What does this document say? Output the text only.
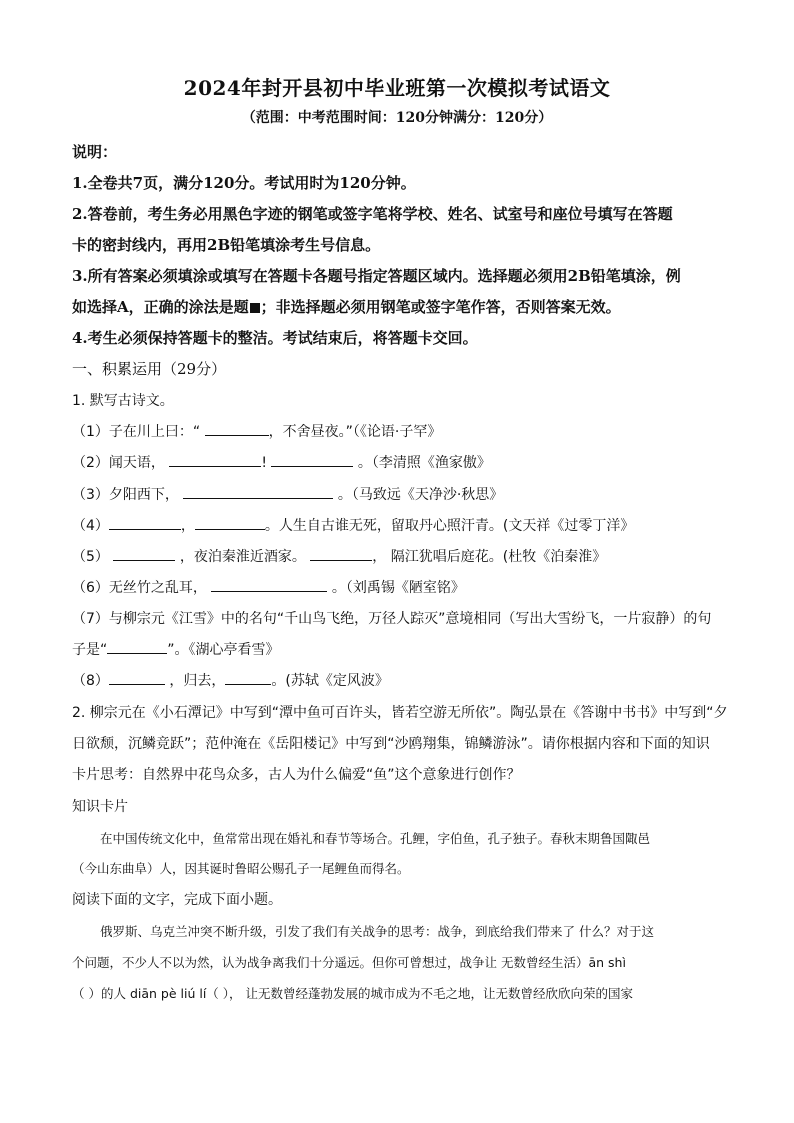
2024年封开县初中毕业班第一次模拟考试语文
（范围：中考范围时间：120分钟满分：120分）
说明：
1.全卷共7页，满分120分。考试用时为120分钟。
2.答卷前，考生务必用黑色字迹的钢笔或签字笔将学校、姓名、试室号和座位号填写在答题
卡的密封线内，再用2B铅笔填涂考生号信息。
3.所有答案必须填涂或填写在答题卡各题号指定答题区域内。选择题必须用2B铅笔填涂，例
如选择A，正确的涂法是题 ；非选择题必须用钢笔或签字笔作答，否则答案无效。
4.考生必须保持答题卡的整洁。考试结束后，将答题卡交回。
一、积累运用（29分）
1. 默写古诗文。
（1）子在川上曰：“	，不舍昼夜。”（《论语·子罕》
（2）闻天语，	!	。（李清照《渔家傲》
（3）夕阳西下，	。（马致远《天净沙·秋思》
（4）	，	。人生自古谁无死，留取丹心照汗青。(文天祥《过零丁洋》
（5）	，夜泊秦淮近酒家。	， 隔江犹唱后庭花。(杜牧《泊秦淮》
（6）无丝竹之乱耳，	。（刘禹锡《陋室铭》
（7）与柳宗元《江雪》中的名句“千山鸟飞绝，万径人踪灭”意境相同（写出大雪纷飞，一片寂静）的句
子是“	”。《湖心亭看雪》
（8）	，归去，	。(苏轼《定风波》
2. 柳宗元在《小石潭记》中写到“潭中鱼可百许头，皆若空游无所依”。陶弘景在《答谢中书书》中写到“夕
日欲颓，沉鳞竞跃”；范仲淹在《岳阳楼记》中写到“沙鸥翔集，锦鳞游泳”。请你根据内容和下面的知识
卡片思考：自然界中花鸟众多，古人为什么偏爱“鱼”这个意象进行创作？
知识卡片
在中国传统文化中，鱼常常出现在婚礼和春节等场合。孔鲤，字伯鱼，孔子独子。春秋末期鲁国陬邑
（今山东曲阜）人，因其诞时鲁昭公赐孔子一尾鲤鱼而得名。
阅读下面的文字，完成下面小题。
俄罗斯、乌克兰冲突不断升级，引发了我们有关战争的思考：战争，到底给我们带来了 什么？对于这
个问题，不少人不以为然，认为战争离我们十分遥远。但你可曾想过，战争让 无数曾经生活）ān shì
（ ）的人 diān pè liú lí（ ）， 让无数曾经蓬勃发展的城市成为不毛之地，让无数曾经欣欣向荣的国家
